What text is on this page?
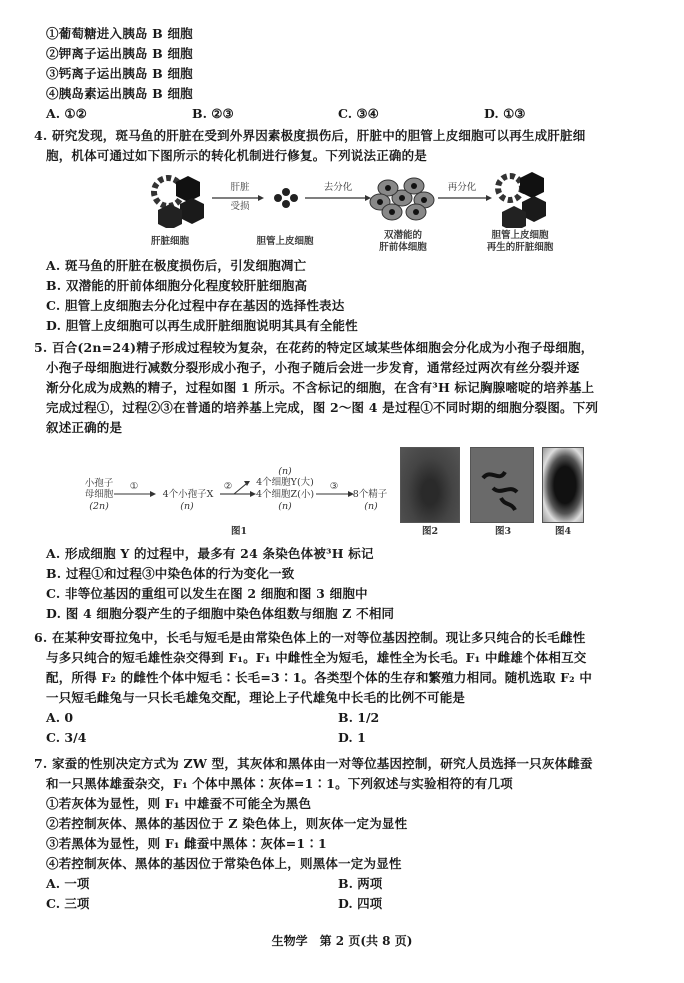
①葡萄糖进入胰岛 B 细胞
②钾离子运出胰岛 B 细胞
③钙离子运出胰岛 B 细胞
④胰岛素运出胰岛 B 细胞
A. ①②	B. ②③	C. ③④	D. ①③
4. 研究发现，斑马鱼的肝脏在受到外界因素极度损伤后，肝脏中的胆管上皮细胞可以再生成肝脏细
胞，机体可通过如下图所示的转化机制进行修复。下列说法正确的是
肝脏
受损
去分化	再分化
肝脏细胞	胆管上皮细胞
双潜能的
肝前体细胞
胆管上皮细胞
再生的肝脏细胞
A. 斑马鱼的肝脏在极度损伤后，引发细胞凋亡
B. 双潜能的肝前体细胞分化程度较肝脏细胞高
C. 胆管上皮细胞去分化过程中存在基因的选择性表达
D. 胆管上皮细胞可以再生成肝脏细胞说明其具有全能性
5. 百合(2n=24)精子形成过程较为复杂，在花药的特定区域某些体细胞会分化成为小孢子母细胞，
小孢子母细胞进行减数分裂形成小孢子，小孢子随后会进一步发育，通常经过两次有丝分裂并逐
渐分化成为成熟的精子，过程如图 1 所示。不含标记的细胞，在含有³H 标记胸腺嘧啶的培养基上
完成过程①，过程②③在普通的培养基上完成，图 2～图 4 是过程①不同时期的细胞分裂图。下列
叙述正确的是
小孢子
母细胞
(2n)
①
4个小孢子X
(n)
②
(n)
4个细胞Y(大)
4个细胞Z(小)
(n)
③
8个精子
(n)
图1	图2	图3	图4
A. 形成细胞 Y 的过程中，最多有 24 条染色体被³H 标记
B. 过程①和过程③中染色体的行为变化一致
C. 非等位基因的重组可以发生在图 2 细胞和图 3 细胞中
D. 图 4 细胞分裂产生的子细胞中染色体组数与细胞 Z 不相同
6. 在某种安哥拉兔中，长毛与短毛是由常染色体上的一对等位基因控制。现让多只纯合的长毛雌性
与多只纯合的短毛雄性杂交得到 F₁。F₁ 中雌性全为短毛，雄性全为长毛。F₁ 中雌雄个体相互交
配，所得 F₂ 的雌性个体中短毛∶长毛=3∶1。各类型个体的生存和繁殖力相同。随机选取 F₂ 中
一只短毛雌兔与一只长毛雄兔交配，理论上子代雄兔中长毛的比例不可能是
A. 0	B. 1/2
C. 3/4	D. 1
7. 家蚕的性别决定方式为 ZW 型，其灰体和黑体由一对等位基因控制，研究人员选择一只灰体雌蚕
和一只黑体雄蚕杂交，F₁ 个体中黑体∶灰体=1∶1。下列叙述与实验相符的有几项
①若灰体为显性，则 F₁ 中雄蚕不可能全为黑色
②若控制灰体、黑体的基因位于 Z 染色体上，则灰体一定为显性
③若黑体为显性，则 F₁ 雌蚕中黑体∶灰体=1∶1
④若控制灰体、黑体的基因位于常染色体上，则黑体一定为显性
A. 一项	B. 两项
C. 三项	D. 四项
生物学　第 2 页(共 8 页)
